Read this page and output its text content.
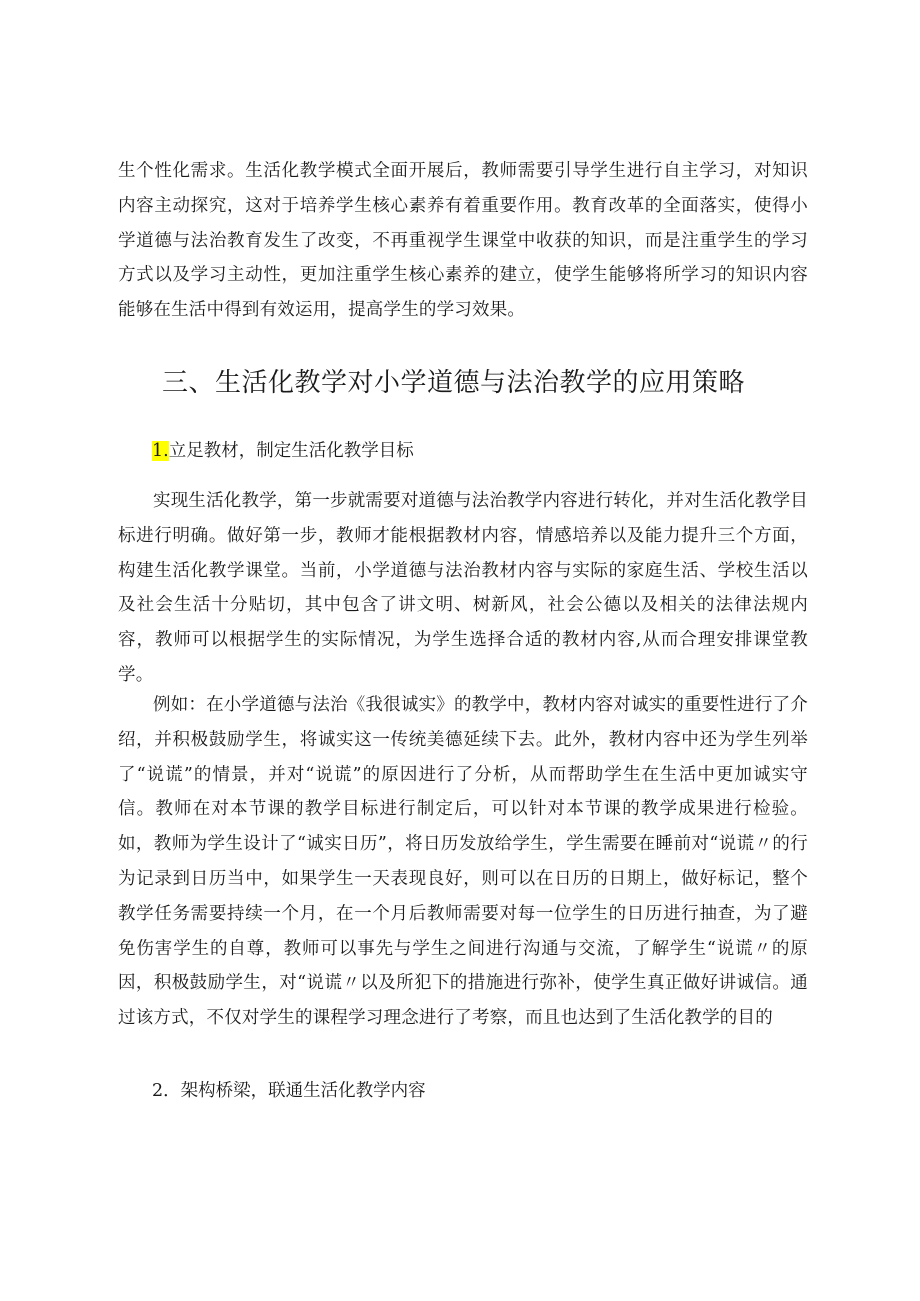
生个性化需求。生活化教学模式全面开展后，教师需要引导学生进行自主学习，对知识内容主动探究，这对于培养学生核心素养有着重要作用。教育改革的全面落实，使得小学道德与法治教育发生了改变，不再重视学生课堂中收获的知识，而是注重学生的学习方式以及学习主动性，更加注重学生核心素养的建立，使学生能够将所学习的知识内容能够在生活中得到有效运用，提高学生的学习效果。

三、生活化教学对小学道德与法治教学的应用策略
1.立足教材，制定生活化教学目标

实现生活化教学，第一步就需要对道德与法治教学内容进行转化，并对生活化教学目标进行明确。做好第一步，教师才能根据教材内容，情感培养以及能力提升三个方面，构建生活化教学课堂。当前，小学道德与法治教材内容与实际的家庭生活、学校生活以及社会生活十分贴切，其中包含了讲文明、树新风，社会公德以及相关的法律法规内容，教师可以根据学生的实际情况，为学生选择合适的教材内容,从而合理安排课堂教学。

例如：在小学道德与法治《我很诚实》的教学中，教材内容对诚实的重要性进行了介绍，并积极鼓励学生，将诚实这一传统美德延续下去。此外，教材内容中还为学生列举了“说谎”的情景，并对“说谎”的原因进行了分析，从而帮助学生在生活中更加诚实守信。教师在对本节课的教学目标进行制定后，可以针对本节课的教学成果进行检验。如，教师为学生设计了“诚实日历”，将日历发放给学生，学生需要在睡前对“说谎〃的行为记录到日历当中，如果学生一天表现良好，则可以在日历的日期上，做好标记，整个教学任务需要持续一个月，在一个月后教师需要对每一位学生的日历进行抽查，为了避免伤害学生的自尊，教师可以事先与学生之间进行沟通与交流，了解学生“说谎〃的原因，积极鼓励学生，对“说谎〃以及所犯下的措施进行弥补，使学生真正做好讲诚信。通过该方式，不仅对学生的课程学习理念进行了考察，而且也达到了生活化教学的目的

2．架构桥梁，联通生活化教学内容
